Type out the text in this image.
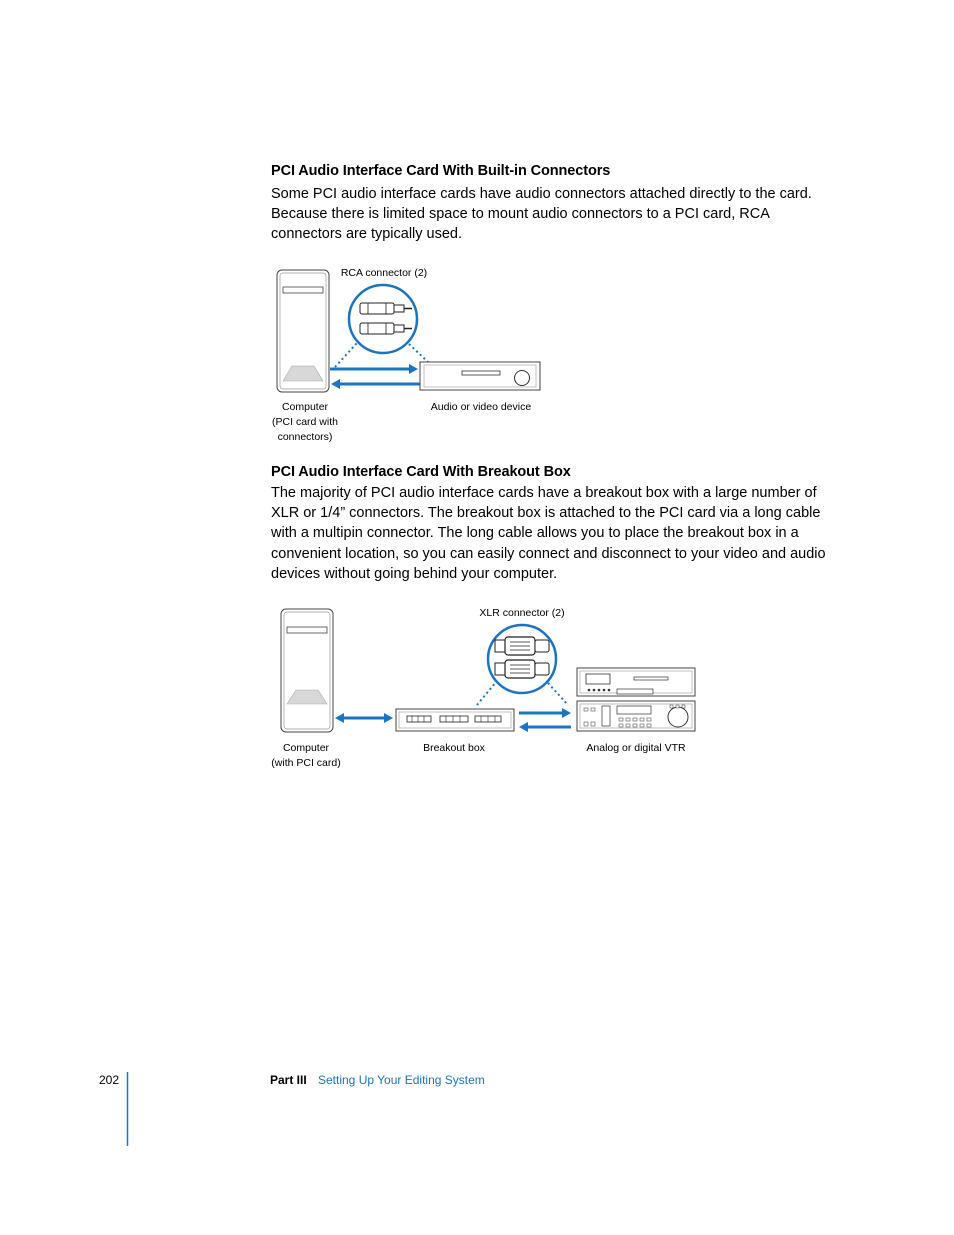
PCI Audio Interface Card With Built-in Connectors
Some PCI audio interface cards have audio connectors attached directly to the card.
Because there is limited space to mount audio connectors to a PCI card, RCA
connectors are typically used.
RCA connector (2)
Audio or video device
Computer
(PCI card with
connectors)
PCI Audio Interface Card With Breakout Box
The majority of PCI audio interface cards have a breakout box with a large number of
XLR or 1/4” connectors. The breakout box is attached to the PCI card via a long cable
with a multipin connector. The long cable allows you to place the breakout box in a
convenient location, so you can easily connect and disconnect to your video and audio
devices without going behind your computer.
XLR connector (2)
Computer
(with PCI card)
Breakout box	Analog or digital VTR
202	Part III Setting Up Your Editing System
